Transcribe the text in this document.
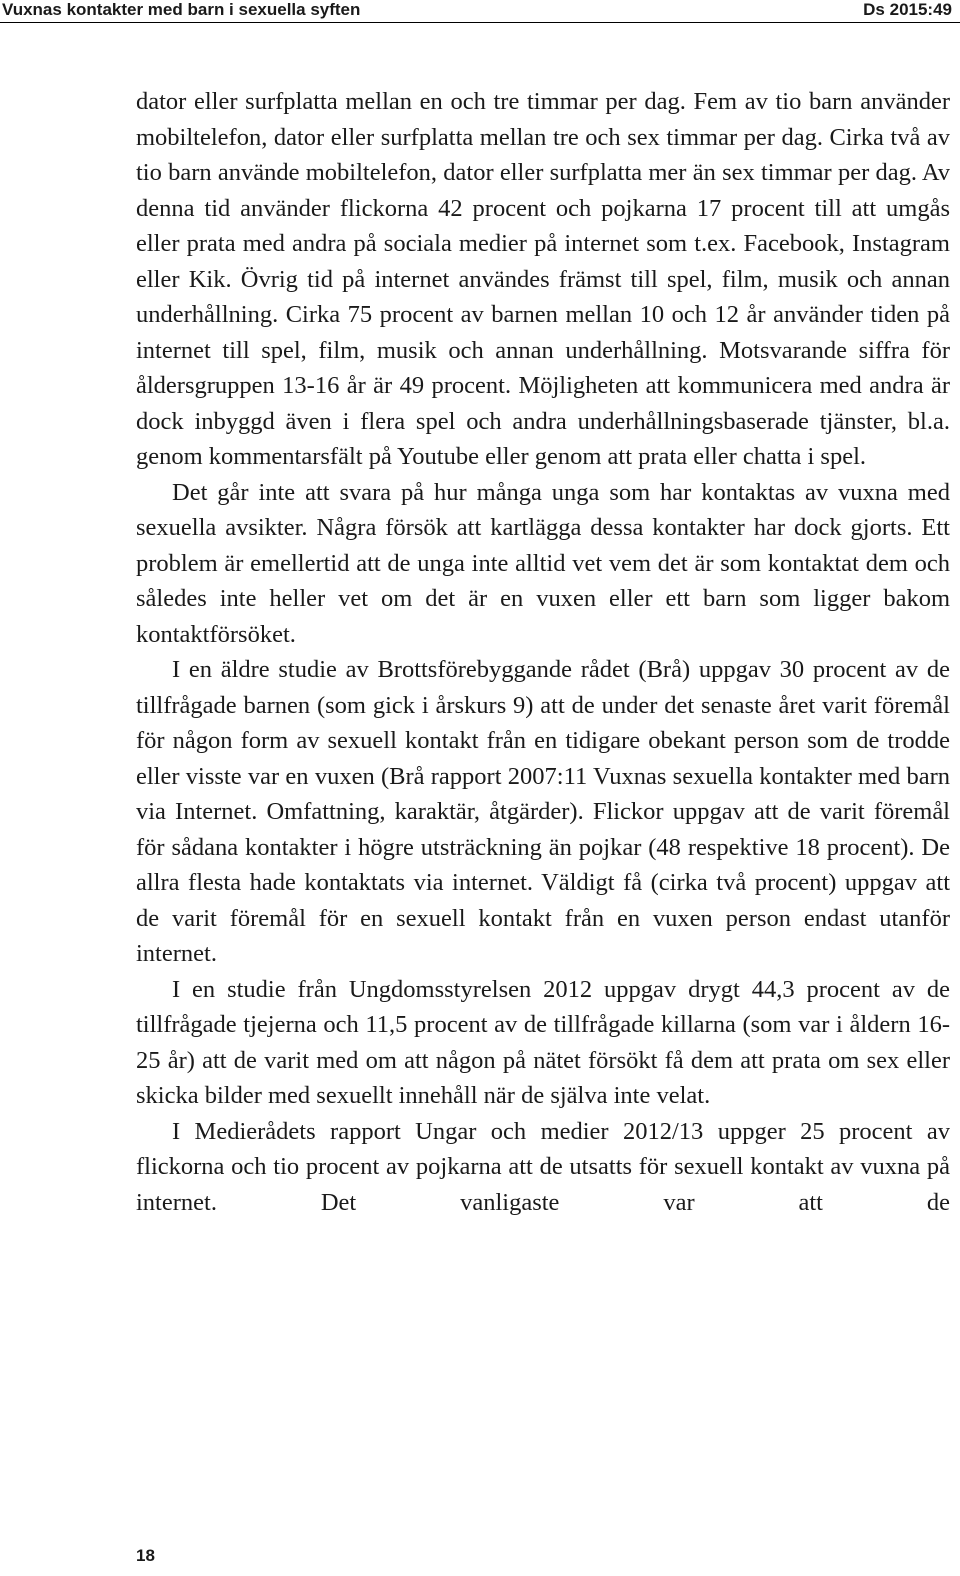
Vuxnas kontakter med barn i sexuella syften	Ds 2015:49

dator eller surfplatta mellan en och tre timmar per dag. Fem av tio barn använder mobiltelefon, dator eller surfplatta mellan tre och sex timmar per dag. Cirka två av tio barn använde mobiltelefon, dator eller surfplatta mer än sex timmar per dag. Av denna tid använder flickorna 42 procent och pojkarna 17 procent till att umgås eller prata med andra på sociala medier på internet som t.ex. Facebook, Instagram eller Kik. Övrig tid på internet användes främst till spel, film, musik och annan underhållning. Cirka 75 procent av barnen mellan 10 och 12 år använder tiden på internet till spel, film, musik och annan underhållning. Motsvarande siffra för åldersgruppen 13-16 år är 49 procent. Möjligheten att kommunicera med andra är dock inbyggd även i flera spel och andra underhållningsbaserade tjänster, bl.a. genom kommentarsfält på Youtube eller genom att prata eller chatta i spel.

Det går inte att svara på hur många unga som har kontaktas av vuxna med sexuella avsikter. Några försök att kartlägga dessa kontakter har dock gjorts. Ett problem är emellertid att de unga inte alltid vet vem det är som kontaktat dem och således inte heller vet om det är en vuxen eller ett barn som ligger bakom kontaktförsöket.

I en äldre studie av Brottsförebyggande rådet (Brå) uppgav 30 procent av de tillfrågade barnen (som gick i årskurs 9) att de under det senaste året varit föremål för någon form av sexuell kontakt från en tidigare obekant person som de trodde eller visste var en vuxen (Brå rapport 2007:11 Vuxnas sexuella kontakter med barn via Internet. Omfattning, karaktär, åtgärder). Flickor uppgav att de varit föremål för sådana kontakter i högre utsträckning än pojkar (48 respektive 18 procent). De allra flesta hade kontaktats via internet. Väldigt få (cirka två procent) uppgav att de varit föremål för en sexuell kontakt från en vuxen person endast utanför internet.

I en studie från Ungdomsstyrelsen 2012 uppgav drygt 44,3 procent av de tillfrågade tjejerna och 11,5 procent av de tillfrågade killarna (som var i åldern 16-25 år) att de varit med om att någon på nätet försökt få dem att prata om sex eller skicka bilder med sexuellt innehåll när de själva inte velat.

I Medierådets rapport Ungar och medier 2012/13 uppger 25 procent av flickorna och tio procent av pojkarna att de utsatts för sexuell kontakt av vuxna på internet. Det vanligaste var att de

18
